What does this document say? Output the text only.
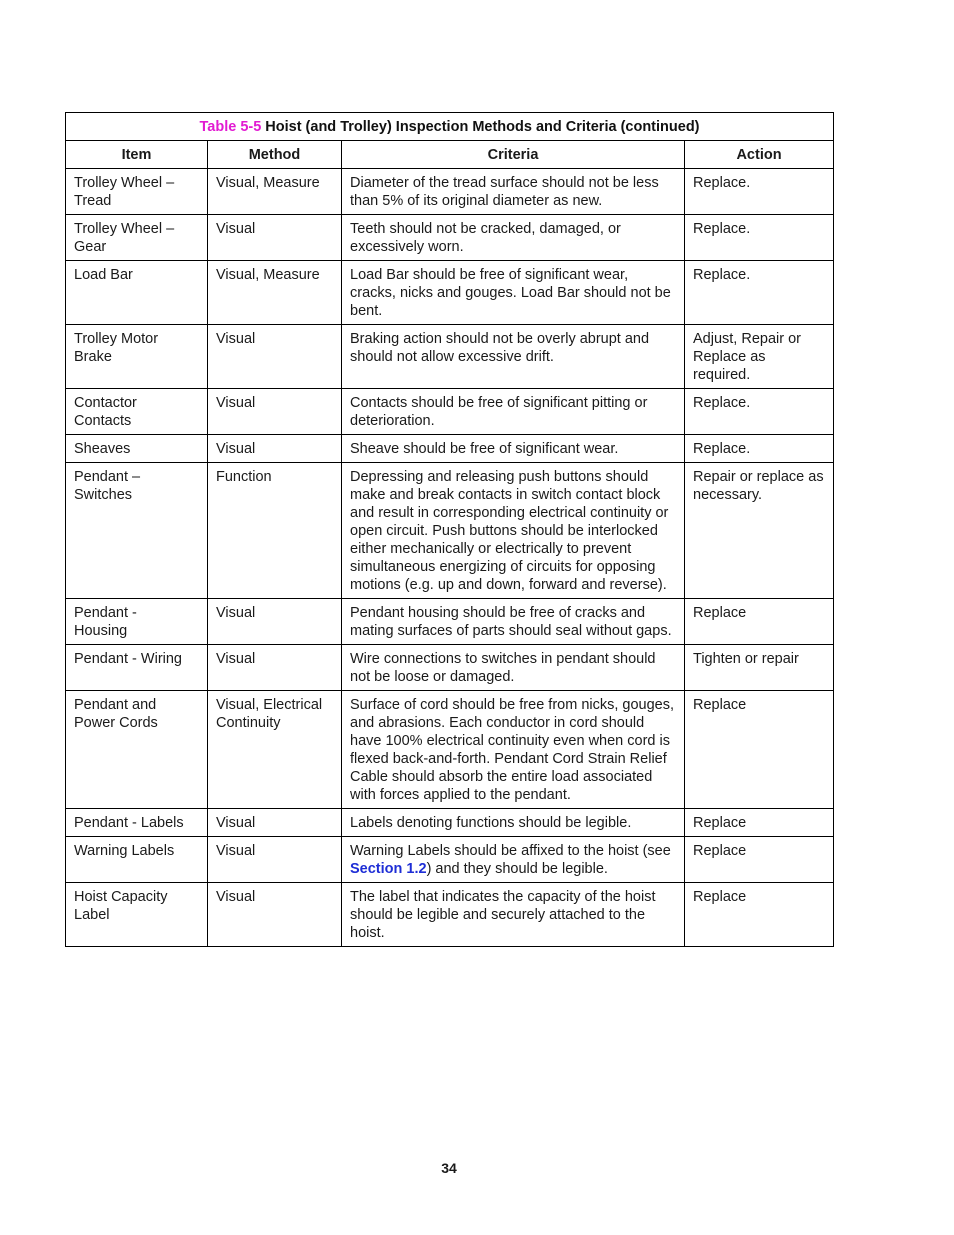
Table 5-5 Hoist (and Trolley) Inspection Methods and Criteria (continued)			
Item	Method	Criteria	Action
Trolley Wheel –
Tread	Visual, Measure	Diameter of the tread surface should not be less than 5% of its original diameter as new.	Replace.
Trolley Wheel –
Gear	Visual	Teeth should not be cracked, damaged, or excessively worn.	Replace.
Load Bar	Visual, Measure	Load Bar should be free of significant wear, cracks, nicks and gouges. Load Bar should not be bent.	Replace.
Trolley Motor
Brake	Visual	Braking action should not be overly abrupt and should not allow excessive drift.	Adjust, Repair or Replace as required.
Contactor
Contacts	Visual	Contacts should be free of significant pitting or deterioration.	Replace.
Sheaves	Visual	Sheave should be free of significant wear.	Replace.
Pendant –
Switches	Function	Depressing and releasing push buttons should make and break contacts in switch contact block and result in corresponding electrical continuity or open circuit. Push buttons should be interlocked either mechanically or electrically to prevent simultaneous energizing of circuits for opposing motions (e.g. up and down, forward and reverse).	Repair or replace as necessary.
Pendant -
Housing	Visual	Pendant housing should be free of cracks and mating surfaces of parts should seal without gaps.	Replace
Pendant - Wiring	Visual	Wire connections to switches in pendant should not be loose or damaged.	Tighten or repair
Pendant and
Power Cords	Visual, Electrical Continuity	Surface of cord should be free from nicks, gouges, and abrasions. Each conductor in cord should have 100% electrical continuity even when cord is flexed back-and-forth. Pendant Cord Strain Relief Cable should absorb the entire load associated with forces applied to the pendant.	Replace
Pendant - Labels	Visual	Labels denoting functions should be legible.	Replace
Warning Labels	Visual	Warning Labels should be affixed to the hoist (see Section 1.2) and they should be legible.	Replace
Hoist Capacity
Label	Visual	The label that indicates the capacity of the hoist should be legible and securely attached to the hoist.	Replace
34
